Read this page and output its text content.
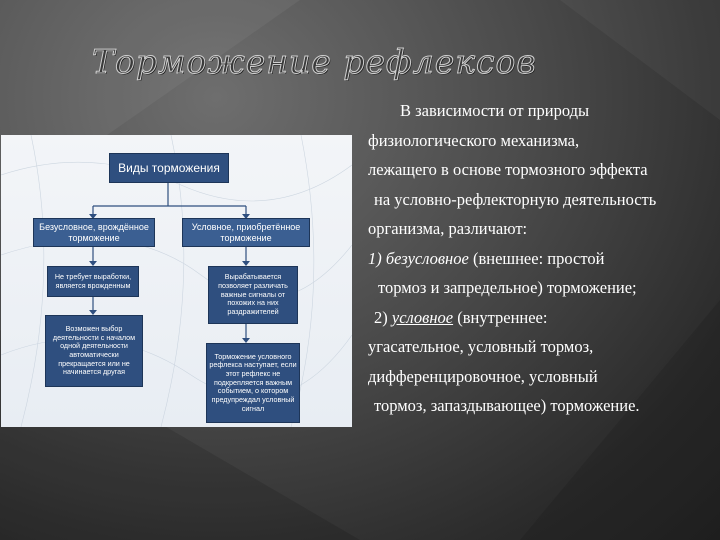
Торможение рефлексов
Виды торможения
Безусловное, врождённое торможение
Условное, приобретённое торможение
Не требует выработки, является врожденным
Возможен выбор деятельности с началом одной деятельности автоматически прекращается или не начинается другая
Вырабатывается позволяет различать важные сигналы от похожих на них раздражителей
Торможение условного рефлекса наступает, если этот рефлекс не подкрепляется важным событием, о котором предупреждал условный сигнал
В зависимости от природы
физиологического механизма,
лежащего в основе тормозного эффекта
на условно-рефлекторную деятельность
организма, различают:
1) безусловное (внешнее: простой
тормоз и запредельное) торможение;
2) условное (внутреннее:
угасательное, условный тормоз,
дифференцировочное, условный
тормоз, запаздывающее) торможение.
